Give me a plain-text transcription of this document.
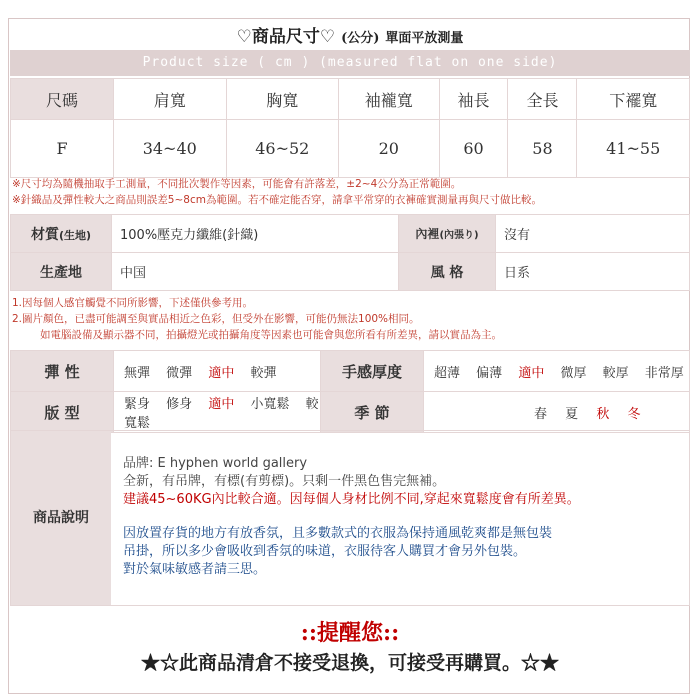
♡商品尺寸♡ (公分) 單面平放測量
Product size ( cm ) (measured flat on one side)
尺碼	肩寬	胸寬	袖襱寬	袖長	全長	下襬寬
F	34~40	46~52	20	60	58	41~55
※尺寸均為隨機抽取手工測量，不同批次製作等因素，可能會有許落差，±2~4公分為正常範圍。
※針織品及彈性較大之商品則誤差5~8cm為範圍。若不確定能否穿，請拿平常穿的衣褲確實測量再與尺寸做比較。
材質(生地)	100%壓克力纖維(針織)	內裡(內張り)	沒有
生產地	中国	風 格	日系
1.因每個人感官觸覺不同所影響，下述僅供參考用。
2.圖片顏色，已盡可能調至與實品相近之色彩，但受外在影響，可能仍無法100%相同。
如電腦設備及顯示器不同，拍攝燈光或拍攝角度等因素也可能會與您所看有所差異，請以實品為主。
彈 性	無彈 微彈 適中 較彈	手感厚度	超薄 偏薄 適中 微厚 較厚 非常厚
版 型	緊身 修身 適中 小寬鬆 較寬鬆	季 節	春 夏 秋 冬
商品說明
品牌: E hyphen world gallery
全新，有吊牌，有標(有剪標)。只剩一件黑色售完無補。
建議45~60KG內比較合適。因每個人身材比例不同,穿起來寬鬆度會有所差異。
因放置存貨的地方有放香氛，且多數款式的衣服為保持通風乾爽都是無包裝
吊掛，所以多少會吸收到香氛的味道，衣服待客人購買才會另外包裝。
對於氣味敏感者請三思。
::提醒您::
★☆此商品清倉不接受退換，可接受再購買。☆★
